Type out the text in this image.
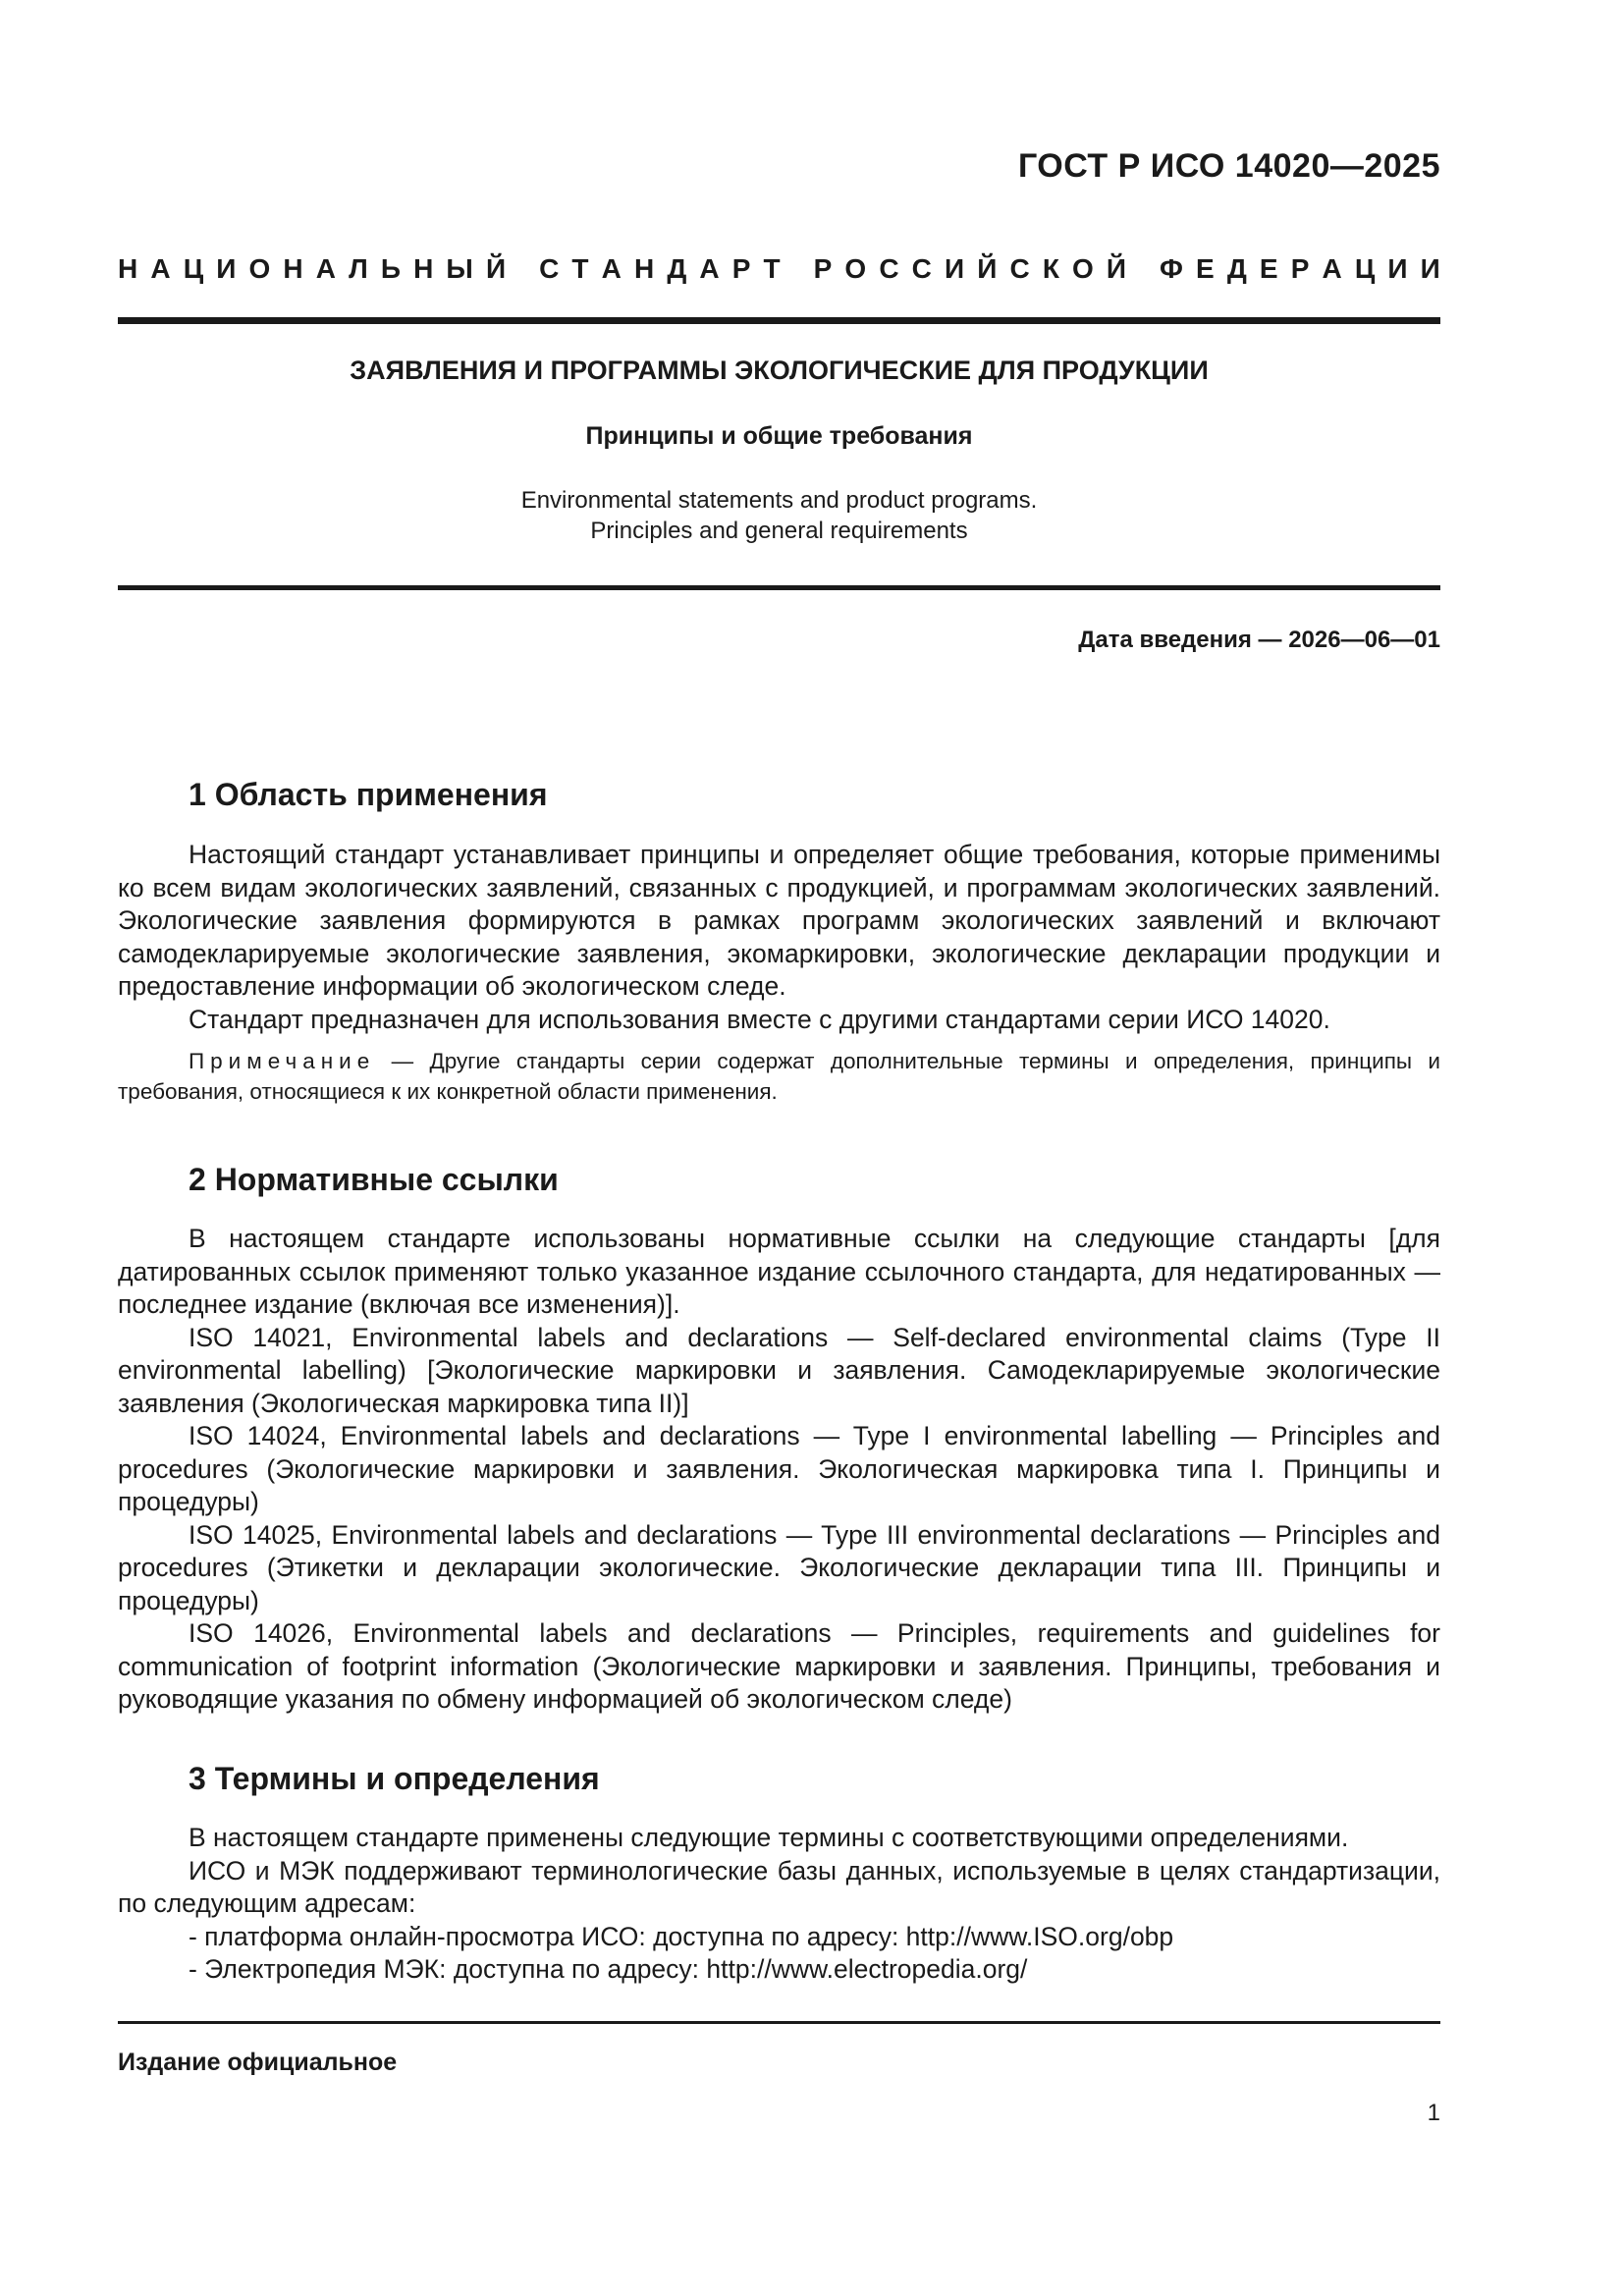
ГОСТ Р ИСО 14020—2025
Н А Ц И О Н А Л Ь Н Ы Й
С Т А Н Д А Р Т
Р О С С И Й С К О Й
Ф Е Д Е Р А Ц И И
ЗАЯВЛЕНИЯ И ПРОГРАММЫ ЭКОЛОГИЧЕСКИЕ ДЛЯ ПРОДУКЦИИ
Принципы и общие требования
Environmental statements and product programs.
Principles and general requirements
Дата введения — 2026—06—01
1 Область применения

Настоящий стандарт устанавливает принципы и определяет общие требования, которые применимы ко всем видам экологических заявлений, связанных с продукцией, и программам экологических заявлений. Экологические заявления формируются в рамках программ экологических заявлений и включают самодекларируемые экологические заявления, экомаркировки, экологические декларации продукции и предоставление информации об экологическом следе.

Стандарт предназначен для использования вместе с другими стандартами серии ИСО 14020.

Примечание — Другие стандарты серии содержат дополнительные термины и определения, принципы и требования, относящиеся к их конкретной области применения.

2 Нормативные ссылки

В настоящем стандарте использованы нормативные ссылки на следующие стандарты [для датированных ссылок применяют только указанное издание ссылочного стандарта, для недатированных — последнее издание (включая все изменения)].

ISO 14021, Environmental labels and declarations — Self-declared environmental claims (Type II environmental labelling) [Экологические маркировки и заявления. Самодекларируемые экологические заявления (Экологическая маркировка типа II)]

ISO 14024, Environmental labels and declarations — Type I environmental labelling — Principles and procedures (Экологические маркировки и заявления. Экологическая маркировка типа I. Принципы и процедуры)

ISO 14025, Environmental labels and declarations — Type III environmental declarations — Principles and procedures (Этикетки и декларации экологические. Экологические декларации типа III. Принципы и процедуры)

ISO 14026, Environmental labels and declarations — Principles, requirements and guidelines for communication of footprint information (Экологические маркировки и заявления. Принципы, требования и руководящие указания по обмену информацией об экологическом следе)

3 Термины и определения

В настоящем стандарте применены следующие термины с соответствующими определениями.

ИСО и МЭК поддерживают терминологические базы данных, используемые в целях стандартизации, по следующим адресам:

- платформа онлайн-просмотра ИСО: доступна по адресу: http://www.ISO.org/obp

- Электропедия МЭК: доступна по адресу: http://www.electropedia.org/

Издание официальное
1
